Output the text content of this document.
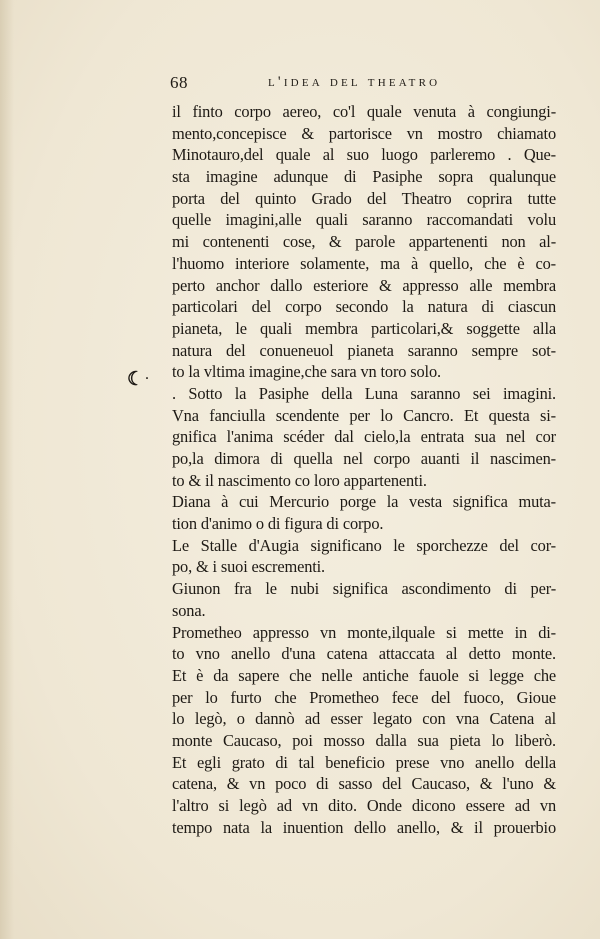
68	l'idea del theatro
☾ .
il finto corpo aereo, co'l quale venuta à congiungi-
mento,concepisce & partorisce vn mostro chiamato
Minotauro,del quale al suo luogo parleremo . Que-
sta imagine adunque di Pasiphe sopra qualunque
porta del quinto Grado del Theatro coprira tutte
quelle imagini,alle quali saranno raccomandati volu
mi contenenti cose, & parole appartenenti non al-
l'huomo interiore solamente, ma à quello, che è co-
perto anchor dallo esteriore & appresso alle membra
particolari del corpo secondo la natura di ciascun
pianeta, le quali membra particolari,& soggette alla
natura del conueneuol pianeta saranno sempre sot-
to la vltima imagine,che sara vn toro solo.
. Sotto la Pasiphe della Luna saranno sei imagini.
Vna fanciulla scendente per lo Cancro. Et questa si-
gnifica l'anima scéder dal cielo,la entrata sua nel cor
po,la dimora di quella nel corpo auanti il nascimen-
to & il nascimento co loro appartenenti.
Diana à cui Mercurio porge la vesta significa muta-
tion d'animo o di figura di corpo.
Le Stalle d'Augia significano le sporchezze del cor-
po, & i suoi escrementi.
Giunon fra le nubi significa ascondimento di per-
sona.
Prometheo appresso vn monte,ilquale si mette in di-
to vno anello d'una catena attaccata al detto monte.
Et è da sapere che nelle antiche fauole si legge che
per lo furto che Prometheo fece del fuoco, Gioue
lo legò, o dannò ad esser legato con vna Catena al
monte Caucaso, poi mosso dalla sua pieta lo liberò.
Et egli grato di tal beneficio prese vno anello della
catena, & vn poco di sasso del Caucaso, & l'uno &
l'altro si legò ad vn dito. Onde dicono essere ad vn
tempo nata la inuention dello anello, & il prouerbio
